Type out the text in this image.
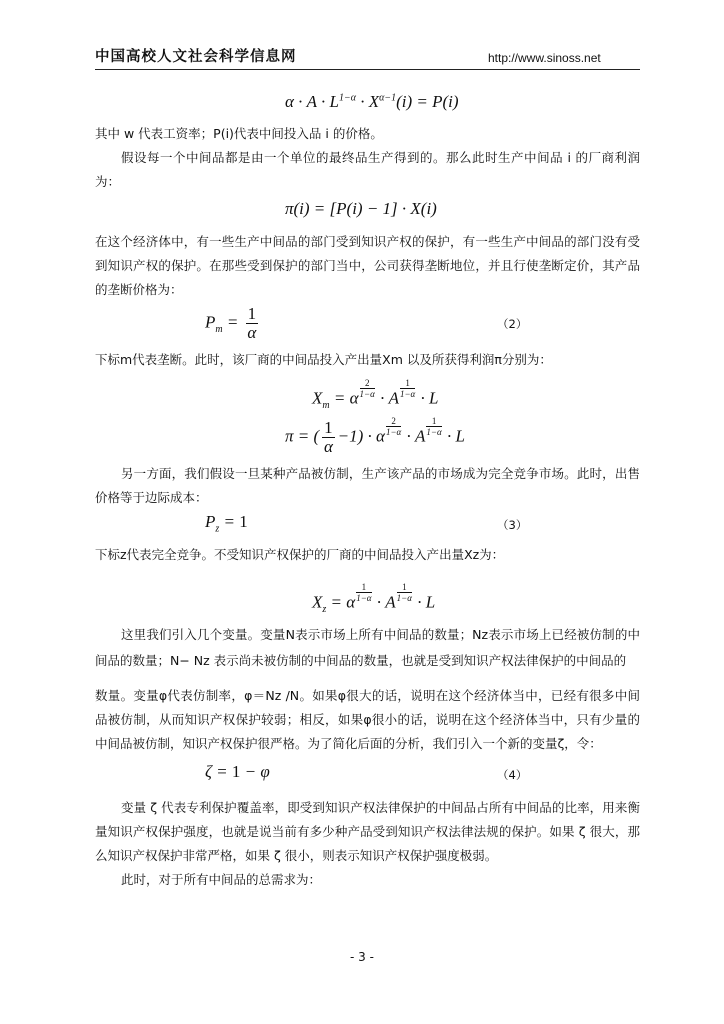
中国高校人文社会科学信息网	http://www.sinoss.net
$\alpha \cdot A \cdot L^{1-\alpha} \cdot X^{\alpha-1}(i) = P(i)$
其中 w 代表工资率；P(i)代表中间投入品 i 的价格。
假设每一个中间品都是由一个单位的最终品生产得到的。那么此时生产中间品 i 的厂商利润为：
π(i) = [P(i) − 1] · X(i)
在这个经济体中，有一些生产中间品的部门受到知识产权的保护，有一些生产中间品的部门没有受到知识产权的保护。在那些受到保护的部门当中，公司获得垄断地位，并且行使垄断定价，其产品的垄断价格为：
$P_m = \frac{1}{\alpha}$	（2）
下标m代表垄断。此时，该厂商的中间品投入产出量Xm 以及所获得利润π分别为：
$X_m = \alpha \frac{2}{1-\alpha} \cdot A \frac{1}{1-\alpha} \cdot L$
π = ( $\frac{1}{\alpha} -1) \cdot \alpha \frac{2}{1-\alpha} \cdot A \frac{1}{1-\alpha} \cdot L$
另一方面，我们假设一旦某种产品被仿制，生产该产品的市场成为完全竞争市场。此时，出售价格等于边际成本：
$P_z = 1$	（3）
下标z代表完全竞争。不受知识产权保护的厂商的中间品投入产出量Xz为：
$X_z = \alpha \frac{1}{1-\alpha} \cdot A \frac{1}{1-\alpha} \cdot L$
这里我们引入几个变量。变量N表示市场上所有中间品的数量；Nz表示市场上已经被仿制的中间品的数量；N− Nz 表示尚未被仿制的中间品的数量，也就是受到知识产权法律保护的中间品的
数量。变量φ代表仿制率，φ＝Nz /N。如果φ很大的话，说明在这个经济体当中，已经有很多中间品被仿制，从而知识产权保护较弱；相反，如果φ很小的话，说明在这个经济体当中，只有少量的中间品被仿制，知识产权保护很严格。为了简化后面的分析，我们引入一个新的变量ζ，令：
ζ = 1 − φ	（4）
变量 ζ 代表专利保护覆盖率，即受到知识产权法律保护的中间品占所有中间品的比率，用来衡量知识产权保护强度，也就是说当前有多少种产品受到知识产权法律法规的保护。如果 ζ 很大，那么知识产权保护非常严格，如果 ζ 很小，则表示知识产权保护强度极弱。
此时，对于所有中间品的总需求为：
- 3 -
